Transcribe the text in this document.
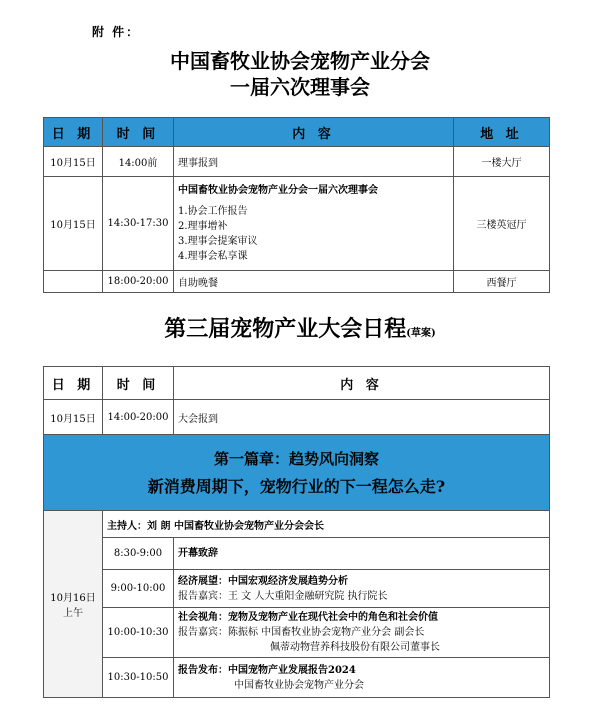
附 件：
中国畜牧业协会宠物产业分会
一届六次理事会
日 期	时 间	内 容	地 址
10月15日	14:00前	理事报到	一楼大厅
10月15日	14:30-17:30	中国畜牧业协会宠物产业分会一届六次理事会
1.协会工作报告
2.理事增补
3.理事会提案审议
4.理事会私享课	三楼英冠厅
	18:00-20:00	自助晚餐	西餐厅
第三届宠物产业大会日程(草案)
日 期	时 间	内 容
10月15日	14:00-20:00	大会报到

第一篇章：趋势风向洞察
新消费周期下，宠物行业的下一程怎么走?		

10月16日
上午	主持人：刘 朗 中国畜牧业协会宠物产业分会会长	
	8:30-9:00	开幕致辞

	9:00-10:00	经济展望：中国宏观经济发展趋势分析
报告嘉宾：王 文 人大重阳金融研究院 执行院长

	10:00-10:30	社会视角：宠物及宠物产业在现代社会中的角色和社会价值
报告嘉宾：陈振标 中国畜牧业协会宠物产业分会 副会长
佩蒂动物营养科技股份有限公司董事长

	10:30-10:50	报告发布：中国宠物产业发展报告2024
中国畜牧业协会宠物产业分会
